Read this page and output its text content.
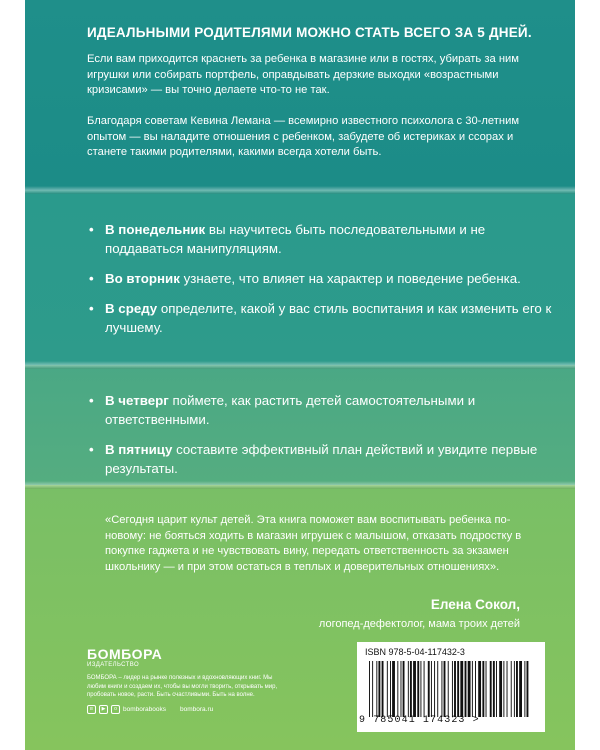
ИДЕАЛЬНЫМИ РОДИТЕЛЯМИ МОЖНО СТАТЬ ВСЕГО ЗА 5 ДНЕЙ.
Если вам приходится краснеть за ребенка в магазине или в гостях, убирать за ним игрушки или собирать портфель, оправдывать дерзкие выходки «возрастными кризисами» — вы точно делаете что-то не так.
Благодаря советам Кевина Лемана — всемирно известного психолога с 30-летним опытом — вы наладите отношения с ребенком, забудете об истериках и ссорах и станете такими родителями, какими всегда хотели быть.
• В понедельник вы научитесь быть последовательными и не поддаваться манипуляциям.
• Во вторник узнаете, что влияет на характер и поведение ребенка.
• В среду определите, какой у вас стиль воспитания и как изменить его к лучшему.
• В четверг поймете, как растить детей самостоятельными и ответственными.
• В пятницу составите эффективный план действий и увидите первые результаты.
«Сегодня царит культ детей. Эта книга поможет вам воспитывать ребенка по-новому: не бояться ходить в магазин игрушек с малышом, отказать подростку в покупке гаджета и не чувствовать вину, передать ответственность за экзамен школьнику — и при этом остаться в теплых и доверительных отношениях».
Елена Сокол,
логопед-дефектолог, мама троих детей
БОМБОРА
ИЗДАТЕЛЬСТВО
БОМБОРА – лидер на рынке полезных и вдохновляющих книг. Мы любим книги и создаем их, чтобы вы могли творить, открывать мир, пробовать новое, расти. Быть счастливыми. Быть на волне.
в	▶	о bomborabooks bombora.ru
ISBN 978-5-04-117432-3
9 785041 174323 >
